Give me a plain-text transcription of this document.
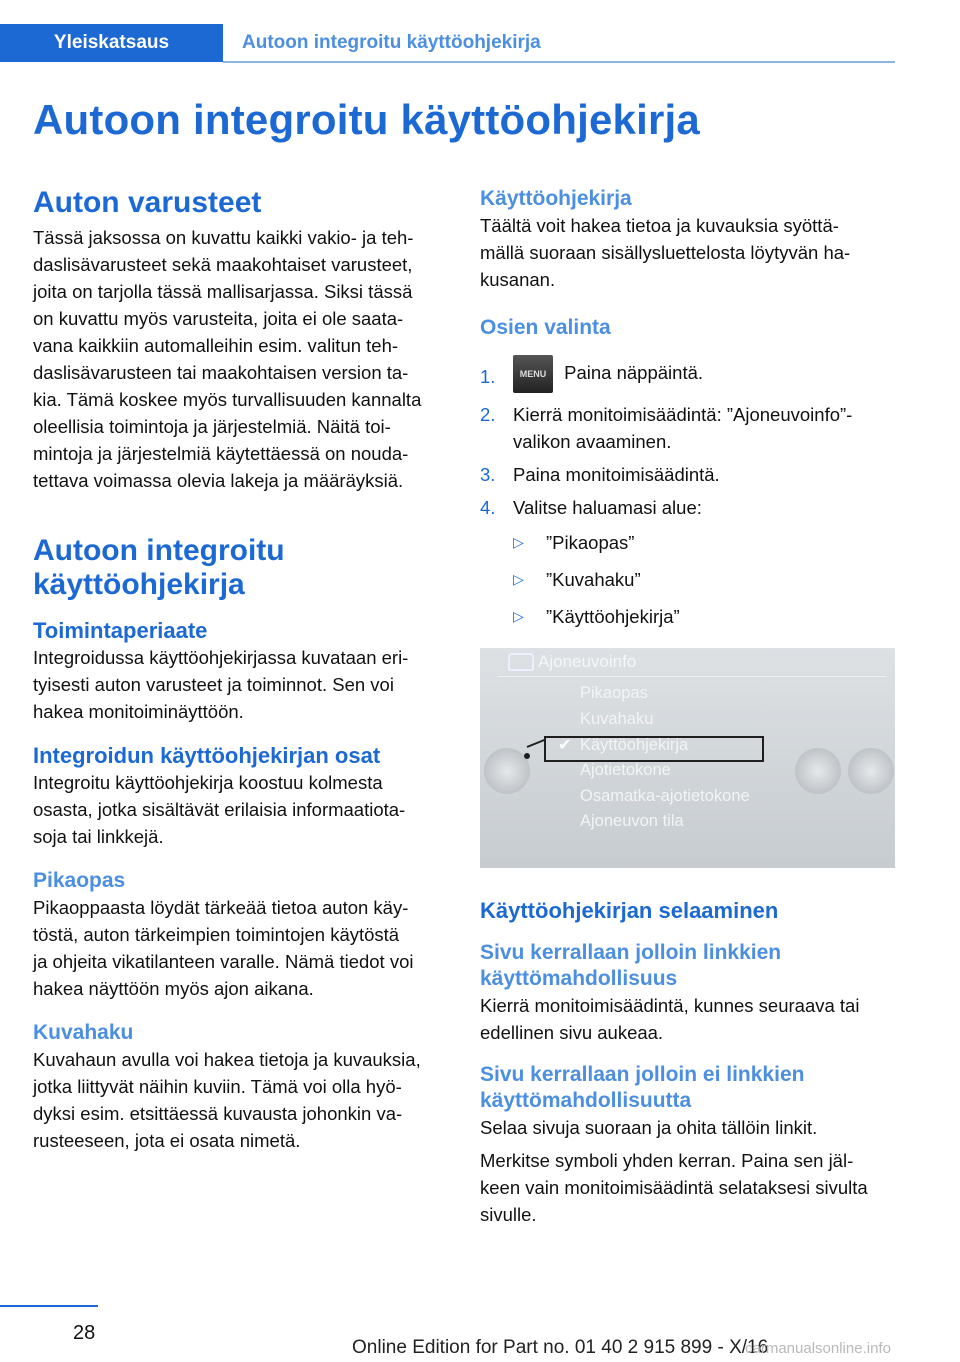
Yleiskatsaus	Autoon integroitu käyttöohjekirja
Autoon integroitu käyttöohjekirja
Auton varusteet
Tässä jaksossa on kuvattu kaikki vakio- ja teh-
daslisävarusteet sekä maakohtaiset varusteet,
joita on tarjolla tässä mallisarjassa. Siksi tässä
on kuvattu myös varusteita, joita ei ole saata-
vana kaikkiin automalleihin esim. valitun teh-
daslisävarusteen tai maakohtaisen version ta-
kia. Tämä koskee myös turvallisuuden kannalta
oleellisia toimintoja ja järjestelmiä. Näitä toi-
mintoja ja järjestelmiä käytettäessä on nouda-
tettava voimassa olevia lakeja ja määräyksiä.
Autoon integroitu
käyttöohjekirja
Toimintaperiaate
Integroidussa käyttöohjekirjassa kuvataan eri-
tyisesti auton varusteet ja toiminnot. Sen voi
hakea monitoiminäyttöön.
Integroidun käyttöohjekirjan osat
Integroitu käyttöohjekirja koostuu kolmesta
osasta, jotka sisältävät erilaisia informaatiota-
soja tai linkkejä.
Pikaopas
Pikaoppaasta löydät tärkeää tietoa auton käy-
töstä, auton tärkeimpien toimintojen käytöstä
ja ohjeita vikatilanteen varalle. Nämä tiedot voi
hakea näyttöön myös ajon aikana.
Kuvahaku
Kuvahaun avulla voi hakea tietoja ja kuvauksia,
jotka liittyvät näihin kuviin. Tämä voi olla hyö-
dyksi esim. etsittäessä kuvausta johonkin va-
rusteeseen, jota ei osata nimetä.
Käyttöohjekirja
Täältä voit hakea tietoa ja kuvauksia syöttä-
mällä suoraan sisällysluettelosta löytyvän ha-
kusanan.
Osien valinta
1.	MENU Paina näppäintä.
2. Kierrä monitoimisäädintä: ”Ajoneuvoinfo”-
valikon avaaminen.
3. Paina monitoimisäädintä.
4. Valitse haluamasi alue:
▷ ”Pikaopas”
▷ ”Kuvahaku”
▷ ”Käyttöohjekirja”
Ajoneuvoinfo
Pikaopas
Kuvahaku
✔ Käyttöohjekirja
Ajotietokone
Osamatka-ajotietokone
Ajoneuvon tila
Käyttöohjekirjan selaaminen
Sivu kerrallaan jolloin linkkien
käyttömahdollisuus
Kierrä monitoimisäädintä, kunnes seuraava tai
edellinen sivu aukeaa.
Sivu kerrallaan jolloin ei linkkien
käyttömahdollisuutta
Selaa sivuja suoraan ja ohita tällöin linkit.
Merkitse symboli yhden kerran. Paina sen jäl-
keen vain monitoimisäädintä selataksesi sivulta
sivulle.
28
Online Edition for Part no. 01 40 2 915 899 - X/16
carmanualsonline.info
